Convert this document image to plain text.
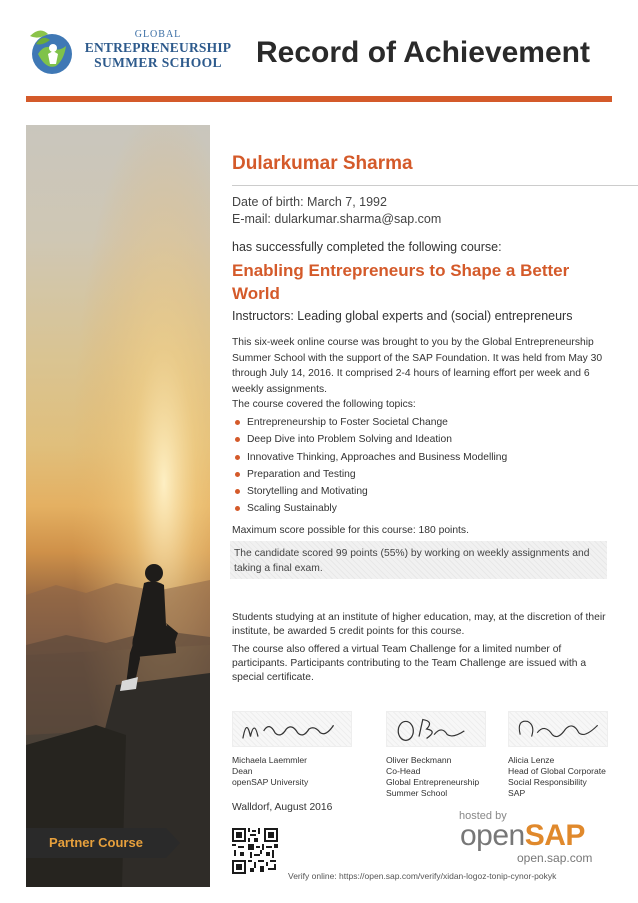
GLOBAL
ENTREPRENEURSHIP
SUMMER SCHOOL	Record of Achievement
Partner Course
Dularkumar Sharma
Date of birth: March 7, 1992
E-mail: dularkumar.sharma@sap.com
has successfully completed the following course:
Enabling Entrepreneurs to Shape a Better World
Instructors: Leading global experts and (social) entrepreneurs
This six-week online course was brought to you by the Global Entrepreneurship Summer School with the support of the SAP Foundation. It was held from May 30 through July 14, 2016. It comprised 2-4 hours of learning effort per week and 6 weekly assignments.
The course covered the following topics:
Entrepreneurship to Foster Societal Change
Deep Dive into Problem Solving and Ideation
Innovative Thinking, Approaches and Business Modelling
Preparation and Testing
Storytelling and Motivating
Scaling Sustainably
Maximum score possible for this course: 180 points.
The candidate scored 99 points (55%) by working on weekly assignments and taking a final exam.
Students studying at an institute of higher education, may, at the discretion of their institute, be awarded 5 credit points for this course.
The course also offered a virtual Team Challenge for a limited number of participants. Participants contributing to the Team Challenge are issued with a special certificate.
Michaela Laemmler
Dean
openSAP University
Oliver Beckmann
Co-Head
Global Entrepreneurship
Summer School
Alicia Lenze
Head of Global Corporate
Social Responsibility
SAP
Walldorf, August 2016
hosted by
openSAP
open.sap.com
Verify online: https://open.sap.com/verify/xidan-logoz-tonip-cynor-pokyk
